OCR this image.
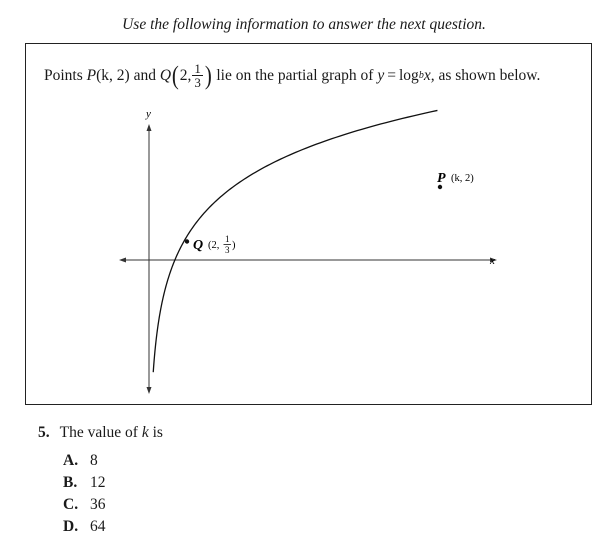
Use the following information to answer the next question.
Points
P (k, 2)
and
Q ( 2, $\frac{1}{3}$ )
lie on the partial graph of
y = log b x,
as shown below.
x
y
Q (2,
1
3 )
P (k, 2)
5. The value of k is
A. 8
B. 12
C. 36
D. 64
